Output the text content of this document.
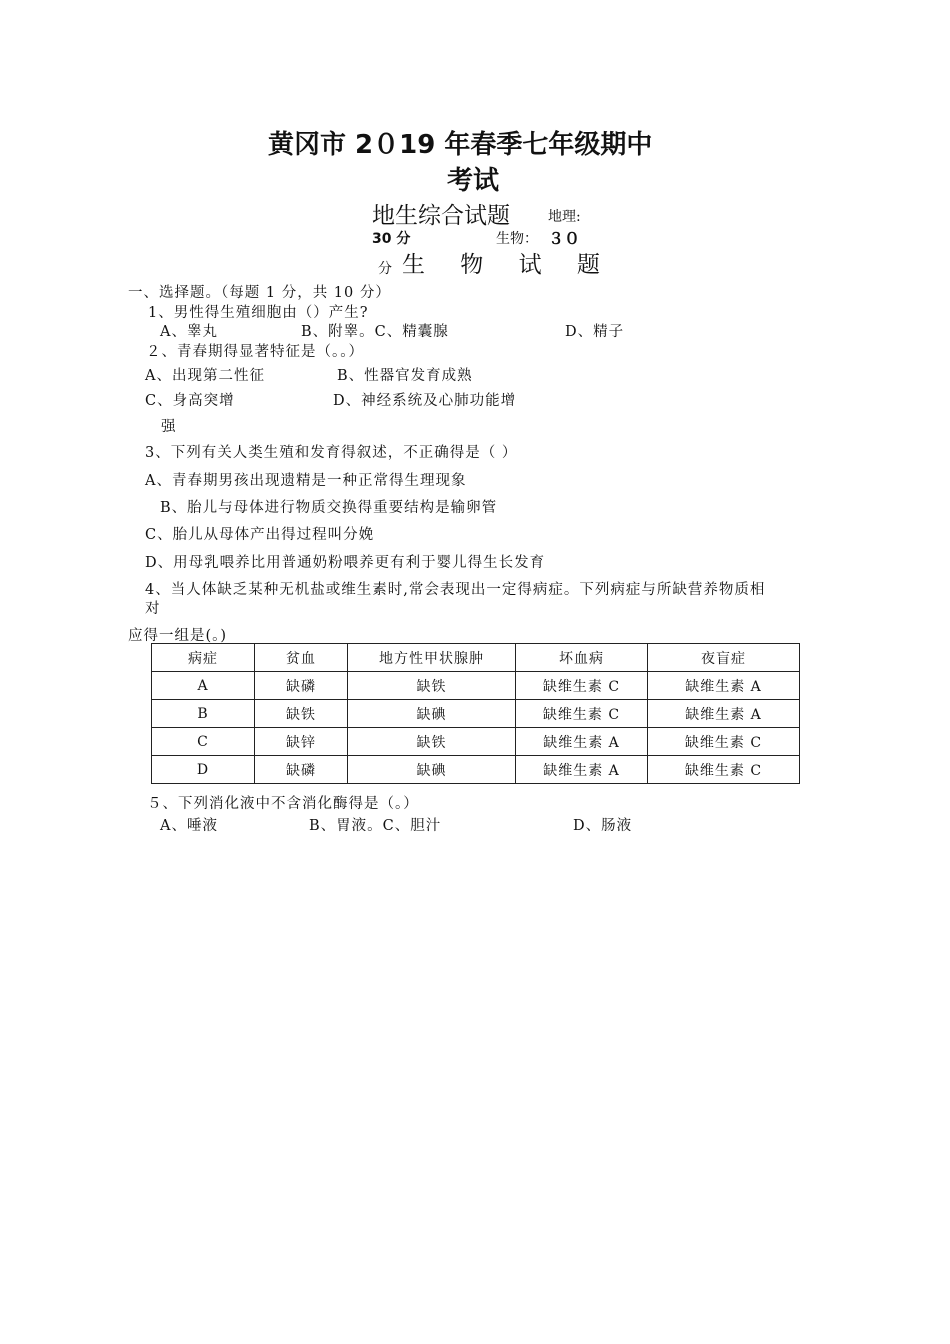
黄冈市 2０19 年春季七年级期中
考试
地生综合试题	地理:
30 分	生物： ３０
分 生 物 试 题
一、选择题。（每题 1 分，共 10 分）
1、男性得生殖细胞由（）产生?
A、睾丸	B、附睾。C、精囊腺	D、精子
２、青春期得显著特征是（。。）
A、出现第二性征	B、性器官发育成熟
C、身高突增	D、神经系统及心肺功能增
强
3、下列有关人类生殖和发育得叙述，不正确得是（ ）
A、青春期男孩出现遗精是一种正常得生理现象
B、胎儿与母体进行物质交换得重要结构是输卵管
C、胎儿从母体产出得过程叫分娩
D、用母乳喂养比用普通奶粉喂养更有利于婴儿得生长发育
4、当人体缺乏某种无机盐或维生素时,常会表现出一定得病症。下列病症与所缺营养物质相
对
应得一组是(。)
病症	贫血	地方性甲状腺肿	坏血病	夜盲症
A	缺磷	缺铁	缺维生素 C	缺维生素 A
B	缺铁	缺碘	缺维生素 C	缺维生素 A
C	缺锌	缺铁	缺维生素 A	缺维生素 C
D	缺磷	缺碘	缺维生素 A	缺维生素 C
５、下列消化液中不含消化酶得是（。）
A、唾液	B、胃液。C、胆汁	D、肠液
